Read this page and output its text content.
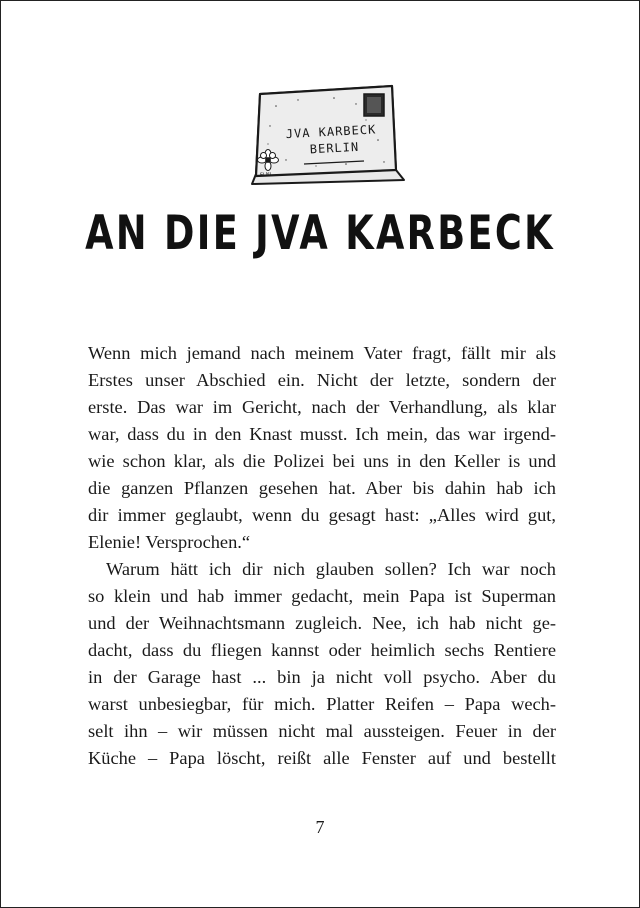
JVA KARBECK
BERLIN
ELNI
AN DIE JVA KARBECK
Wenn mich jemand nach meinem Vater fragt, fällt mir als
Erstes unser Abschied ein. Nicht der letzte, sondern der
erste. Das war im Gericht, nach der Verhandlung, als klar
war, dass du in den Knast musst. Ich mein, das war irgend-
wie schon klar, als die Polizei bei uns in den Keller is und
die ganzen Pflanzen gesehen hat. Aber bis dahin hab ich
dir immer geglaubt, wenn du gesagt hast: „Alles wird gut,
Elenie! Versprochen.“
Warum hätt ich dir nich glauben sollen? Ich war noch
so klein und hab immer gedacht, mein Papa ist Superman
und der Weihnachtsmann zugleich. Nee, ich hab nicht ge-
dacht, dass du fliegen kannst oder heimlich sechs Rentiere
in der Garage hast ... bin ja nicht voll psycho. Aber du
warst unbesiegbar, für mich. Platter Reifen – Papa wech-
selt ihn – wir müssen nicht mal aussteigen. Feuer in der
Küche – Papa löscht, reißt alle Fenster auf und bestellt
7
